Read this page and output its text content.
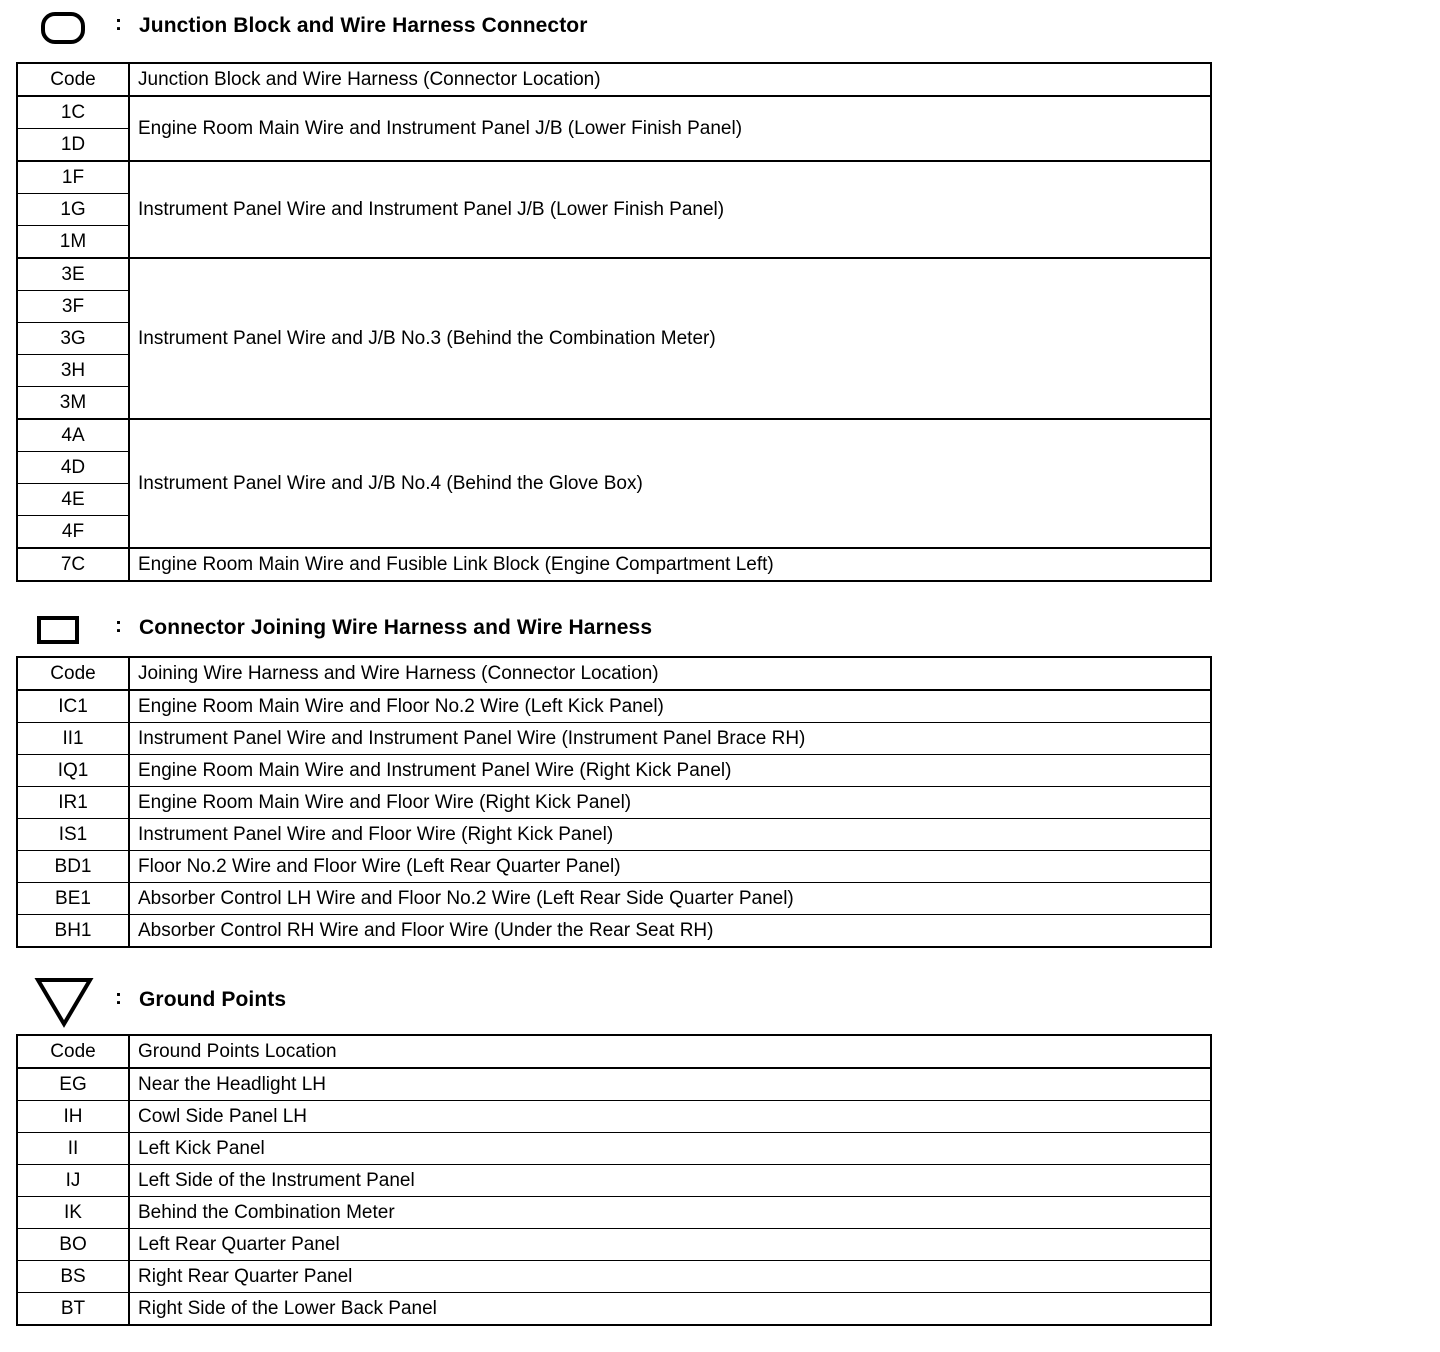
: Junction Block and Wire Harness Connector
Code	Junction Block and Wire Harness (Connector Location)
1C	Engine Room Main Wire and Instrument Panel J/B (Lower Finish Panel)
1D	
1F	Instrument Panel Wire and Instrument Panel J/B (Lower Finish Panel)
1G	
1M	
3E	Instrument Panel Wire and J/B No.3 (Behind the Combination Meter)
3F	
3G	
3H	
3M	
4A	Instrument Panel Wire and J/B No.4 (Behind the Glove Box)
4D	
4E	
4F	
7C	Engine Room Main Wire and Fusible Link Block (Engine Compartment Left)
: Connector Joining Wire Harness and Wire Harness
Code	Joining Wire Harness and Wire Harness (Connector Location)
IC1	Engine Room Main Wire and Floor No.2 Wire (Left Kick Panel)
II1	Instrument Panel Wire and Instrument Panel Wire (Instrument Panel Brace RH)
IQ1	Engine Room Main Wire and Instrument Panel Wire (Right Kick Panel)
IR1	Engine Room Main Wire and Floor Wire (Right Kick Panel)
IS1	Instrument Panel Wire and Floor Wire (Right Kick Panel)
BD1	Floor No.2 Wire and Floor Wire (Left Rear Quarter Panel)
BE1	Absorber Control LH Wire and Floor No.2 Wire (Left Rear Side Quarter Panel)
BH1	Absorber Control RH Wire and Floor Wire (Under the Rear Seat RH)
: Ground Points
Code	Ground Points Location
EG	Near the Headlight LH
IH	Cowl Side Panel LH
II	Left Kick Panel
IJ	Left Side of the Instrument Panel
IK	Behind the Combination Meter
BO	Left Rear Quarter Panel
BS	Right Rear Quarter Panel
BT	Right Side of the Lower Back Panel
